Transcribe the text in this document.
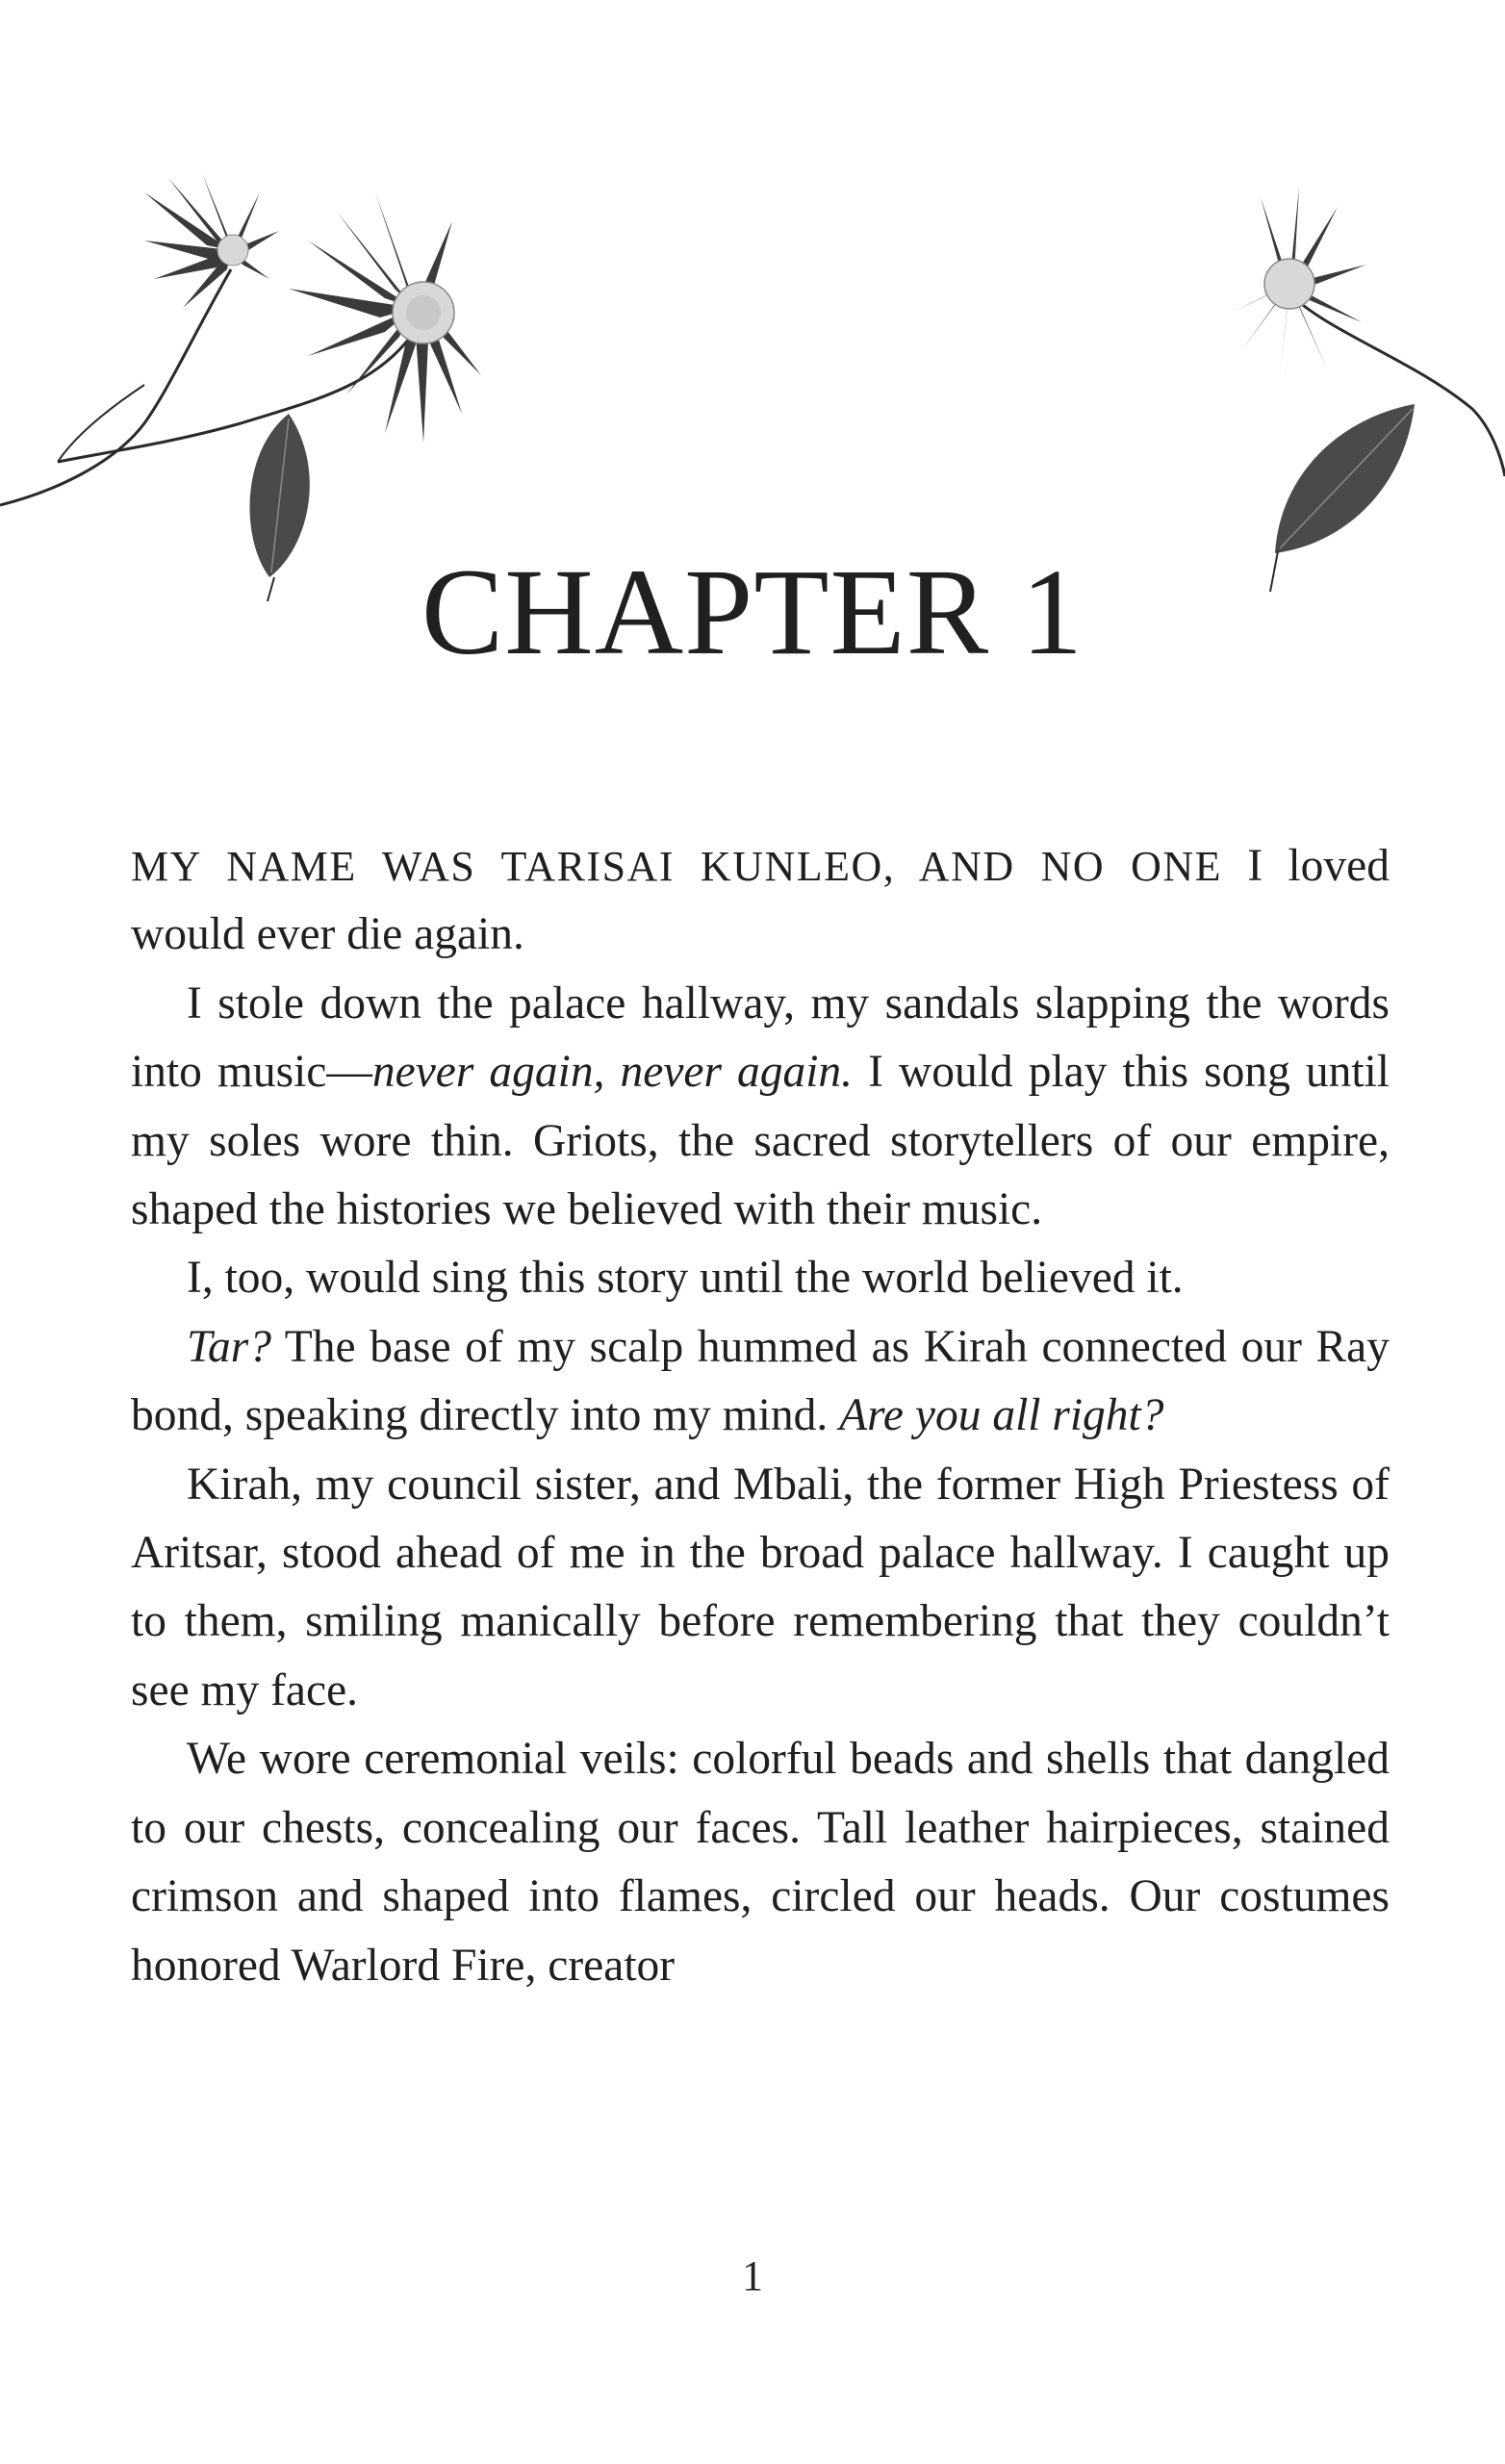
CHAPTER 1

MY NAME WAS TARISAI KUNLEO, AND NO ONE I loved would ever die again.

I stole down the palace hallway, my sandals slapping the words into music—never again, never again. I would play this song until my soles wore thin. Griots, the sacred storytellers of our empire, shaped the histories we believed with their music.

I, too, would sing this story until the world believed it.

Tar? The base of my scalp hummed as Kirah connected our Ray bond, speaking directly into my mind. Are you all right?

Kirah, my council sister, and Mbali, the former High Priestess of Aritsar, stood ahead of me in the broad palace hallway. I caught up to them, smiling manically before remembering that they couldn’t see my face.

We wore ceremonial veils: colorful beads and shells that dangled to our chests, concealing our faces. Tall leather hairpieces, stained crimson and shaped into flames, circled our heads. Our costumes honored Warlord Fire, creator

1
